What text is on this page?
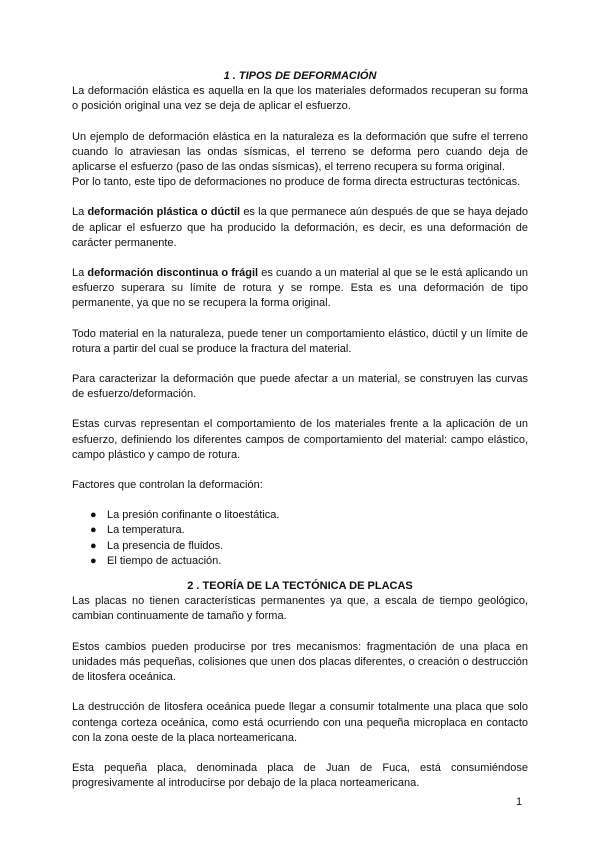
1 . TIPOS DE DEFORMACIÓN

La deformación elástica es aquella en la que los materiales deformados recuperan su forma o posición original una vez se deja de aplicar el esfuerzo.

Un ejemplo de deformación elástica en la naturaleza es la deformación que sufre el terreno cuando lo atraviesan las ondas sísmicas, el terreno se deforma pero cuando deja de aplicarse el esfuerzo (paso de las ondas sísmicas), el terreno recupera su forma original.

Por lo tanto, este tipo de deformaciones no produce de forma directa estructuras tectónicas.

La deformación plástica o dúctil es la que permanece aún después de que se haya dejado de aplicar el esfuerzo que ha producido la deformación, es decir, es una deformación de carácter permanente.

La deformación discontinua o frágil es cuando a un material al que se le está aplicando un esfuerzo superara su límite de rotura y se rompe. Esta es una deformación de tipo permanente, ya que no se recupera la forma original.

Todo material en la naturaleza, puede tener un comportamiento elástico, dúctil y un límite de rotura a partir del cual se produce la fractura del material.

Para caracterizar la deformación que puede afectar a un material, se construyen las curvas de esfuerzo/deformación.

Estas curvas representan el comportamiento de los materiales frente a la aplicación de un esfuerzo, definiendo los diferentes campos de comportamiento del material: campo elástico, campo plástico y campo de rotura.

Factores que controlan la deformación:

● La presión confinante o litoestática.
● La temperatura.
● La presencia de fluidos.
● El tiempo de actuación.

2 . TEORÍA DE LA TECTÓNICA DE PLACAS

Las placas no tienen características permanentes ya que, a escala de tiempo geológico, cambian continuamente de tamaño y forma.

Estos cambios pueden producirse por tres mecanismos: fragmentación de una placa en unidades más pequeñas, colisiones que unen dos placas diferentes, o creación o destrucción de litosfera oceánica.

La destrucción de litosfera oceánica puede llegar a consumir totalmente una placa que solo contenga corteza oceánica, como está ocurriendo con una pequeña microplaca en contacto con la zona oeste de la placa norteamericana.

Esta pequeña placa, denominada placa de Juan de Fuca, está consumiéndose progresivamente al introducirse por debajo de la placa norteamericana.

1
